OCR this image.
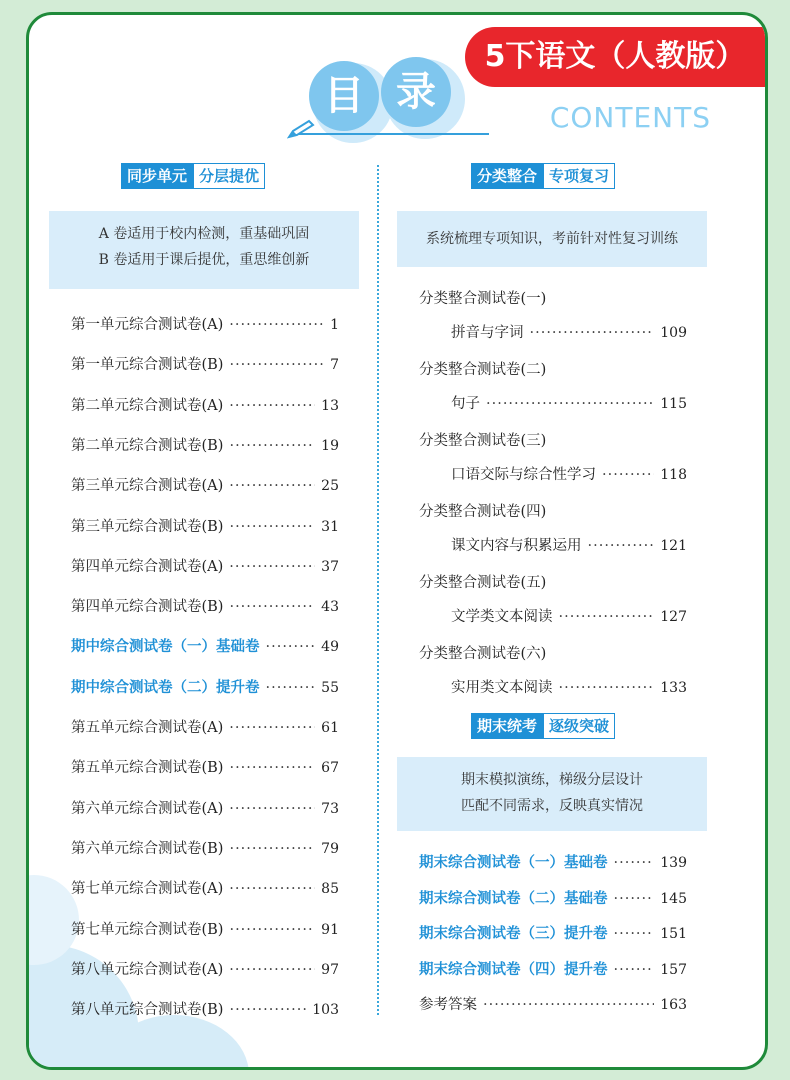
5下语文（人教版）
目 录
CONTENTS
同步单元 分层提优
A 卷适用于校内检测，重基础巩固
B 卷适用于课后提优，重思维创新
第一单元综合测试卷(A) ·····	1
第一单元综合测试卷(B) ·····	7
第二单元综合测试卷(A) ·····	13
第二单元综合测试卷(B) ·····	19
第三单元综合测试卷(A) ·····	25
第三单元综合测试卷(B) ·····	31
第四单元综合测试卷(A) ·····	37
第四单元综合测试卷(B) ·····	43
期中综合测试卷（一）基础卷 ·····	49
期中综合测试卷（二）提升卷 ·····	55
第五单元综合测试卷(A) ·····	61
第五单元综合测试卷(B) ·····	67
第六单元综合测试卷(A) ·····	73
第六单元综合测试卷(B) ·····	79
第七单元综合测试卷(A) ·····	85
第七单元综合测试卷(B) ·····	91
第八单元综合测试卷(A) ·····	97
第八单元综合测试卷(B) ·····	103
分类整合 专项复习
系统梳理专项知识，考前针对性复习训练
分类整合测试卷(一)
拼音与字词 ·····	109
分类整合测试卷(二)
句子 ·····	115
分类整合测试卷(三)
口语交际与综合性学习 ·····	118
分类整合测试卷(四)
课文内容与积累运用 ·····	121
分类整合测试卷(五)
文学类文本阅读 ·····	127
分类整合测试卷(六)
实用类文本阅读 ·····	133
期末统考 逐级突破
期末模拟演练，梯级分层设计
匹配不同需求，反映真实情况
期末综合测试卷（一）基础卷 ·····	139
期末综合测试卷（二）基础卷 ·····	145
期末综合测试卷（三）提升卷 ·····	151
期末综合测试卷（四）提升卷 ·····	157
参考答案 ·····	163
